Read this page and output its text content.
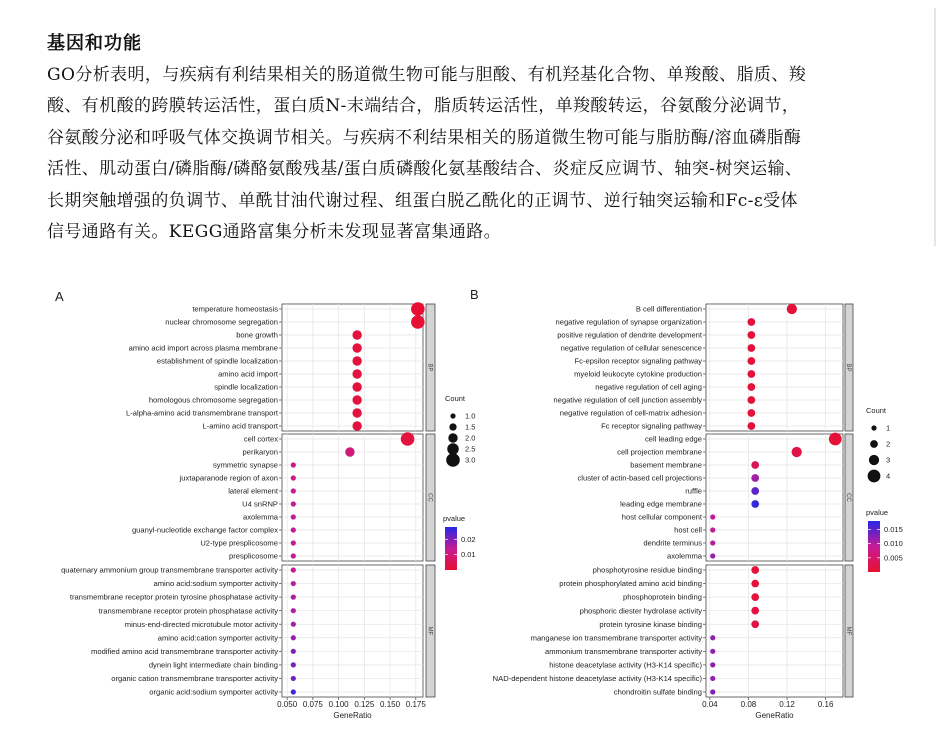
基因和功能

GO分析表明，与疾病有利结果相关的肠道微生物可能与胆酸、有机羟基化合物、单羧酸、脂质、羧

酸、有机酸的跨膜转运活性，蛋白质N-末端结合，脂质转运活性，单羧酸转运，谷氨酸分泌调节，

谷氨酸分泌和呼吸气体交换调节相关。与疾病不利结果相关的肠道微生物可能与脂肪酶/溶血磷脂酶

活性、肌动蛋白/磷脂酶/磷酪氨酸残基/蛋白质磷酸化氨基酸结合、炎症反应调节、轴突-树突运输、

长期突触增强的负调节、单酰甘油代谢过程、组蛋白脱乙酰化的正调节、逆行轴突运输和Fc-ε受体

信号通路有关。KEGG通路富集分析未发现显著富集通路。

A
temperature homeostasis
nuclear chromosome segregation
bone growth
amino acid import across plasma membrane
establishment of spindle localization
amino acid import
spindle localization
homologous chromosome segregation
L-alpha-amino acid transmembrane transport
L-amino acid transport
BP
cell cortex
perikaryon
symmetric synapse
juxtaparanode region of axon
lateral element
U4 snRNP
axolemma
guanyl-nucleotide exchange factor complex
U2-type presplicosome
presplicosome
CC
quaternary ammonium group transmembrane transporter activity
amino acid:sodium symporter activity
transmembrane receptor protein tyrosine phosphatase activity
transmembrane receptor protein phosphatase activity
minus-end-directed microtubule motor activity
amino acid:cation symporter activity
modified amino acid transmembrane transporter activity
dynein light intermediate chain binding
organic cation transmembrane transporter activity
organic acid:sodium symporter activity
MF
0.050 0.075 0.100 0.125 0.150 0.175
GeneRatio
Count
1.0
1.5
2.0
2.5
3.0
pvalue
0.01
0.02
B
B cell differentiation
negative regulation of synapse organization
positive regulation of dendrite development
negative regulation of cellular senescence
Fc-epsilon receptor signaling pathway
myeloid leukocyte cytokine production
negative regulation of cell aging
negative regulation of cell junction assembly
negative regulation of cell-matrix adhesion
Fc receptor signaling pathway
BP
cell leading edge
cell projection membrane
basement membrane
cluster of actin-based cell projections
ruffle
leading edge membrane
host cellular component
host cell
dendrite terminus
axolemma
CC
phosphotyrosine residue binding
protein phosphorylated amino acid binding
phosphoprotein binding
phosphoric diester hydrolase activity
protein tyrosine kinase binding
manganese ion transmembrane transporter activity
ammonium transmembrane transporter activity
histone deacetylase activity (H3-K14 specific)
NAD-dependent histone deacetylase activity (H3-K14 specific)
chondroitin sulfate binding
MF
0.04	0.08	0.12	0.16
GeneRatio
Count
1
2
3
4
pvalue
0.005
0.010
0.015
